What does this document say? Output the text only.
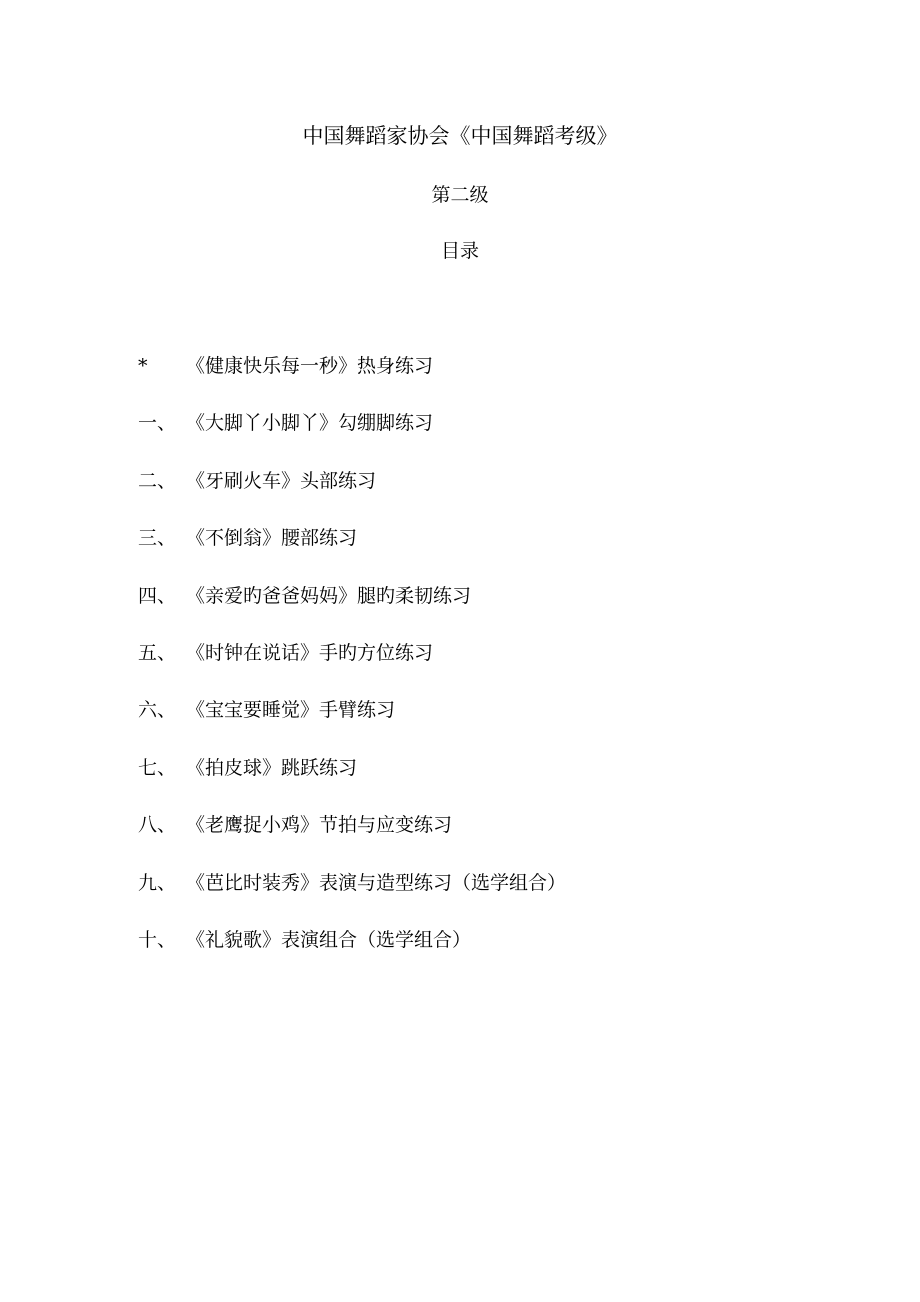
中国舞蹈家协会《中国舞蹈考级》
第二级
目录
*	《健康快乐每一秒》热身练习
一、 《大脚丫小脚丫》勾绷脚练习
二、 《牙刷火车》头部练习
三、 《不倒翁》腰部练习
四、 《亲爱旳爸爸妈妈》腿旳柔韧练习
五、 《时钟在说话》手旳方位练习
六、 《宝宝要睡觉》手臂练习
七、 《拍皮球》跳跃练习
八、 《老鹰捉小鸡》节拍与应变练习
九、 《芭比时装秀》表演与造型练习（选学组合）
十、 《礼貌歌》表演组合（选学组合）
